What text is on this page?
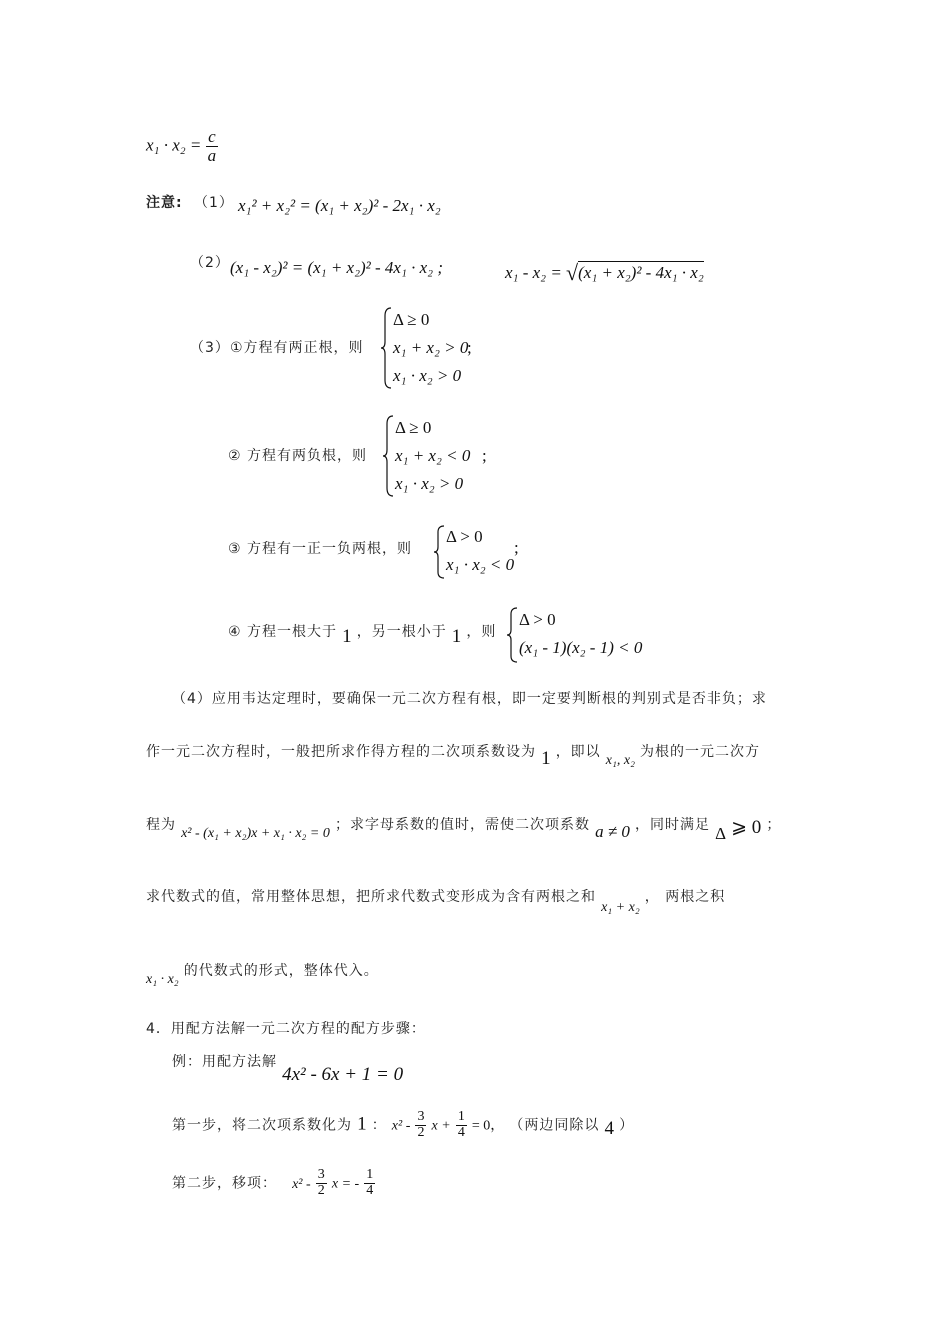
$x_1 \cdot x_2 = \frac{c}{a}$
注意: （1） x₁² + x₂² = (x₁ + x₂)² - 2x₁ · x₂
（2） (x₁ - x₂)² = (x₁ + x₂)² - 4x₁ · x₂ ;	x₁ - x₂ = √(x₁ + x₂)² - 4x₁ · x₂
（3） ①方程有两正根，则
Δ ≥ 0
x₁ + x₂ > 0
x₁ · x₂ > 0
;
② 方程有两负根，则
Δ ≥ 0
x₁ + x₂ < 0
x₁ · x₂ > 0
;
③ 方程有一正一负两根，则
Δ > 0
x₁ · x₂ < 0
;
④ 方程一根大于 1 ，另一根小于 1 ，则
Δ > 0
(x₁ - 1)(x₂ - 1) < 0
（4）应用韦达定理时，要确保一元二次方程有根，即一定要判断根的判别式是否非负；求
作一元二次方程时，一般把所求作得方程的二次项系数设为 1 ，即以 x₁, x₂ 为根的一元二次方
程为 x² - (x₁ + x₂)x + x₁ · x₂ = 0 ；求字母系数的值时，需使二次项系数 a ≠ 0 ，同时满足 Δ ⩾ 0 ；
求代数式的值，常用整体思想，把所求代数式变形成为含有两根之和 x₁ + x₂ ， 两根之积
x₁ · x₂ 的代数式的形式，整体代入。
4．用配方法解一元二次方程的配方步骤：
例：用配方法解 4x² - 6x + 1 = 0
第一步，将二次项系数化为 1 ： $x^2 - \frac{3}{2}$ $x + \frac{1}{4} = 0$， （两边同除以 4 ）
第二步，移项： $x^2 - \frac{3}{2}$ x = - $\frac{1}{4}$
